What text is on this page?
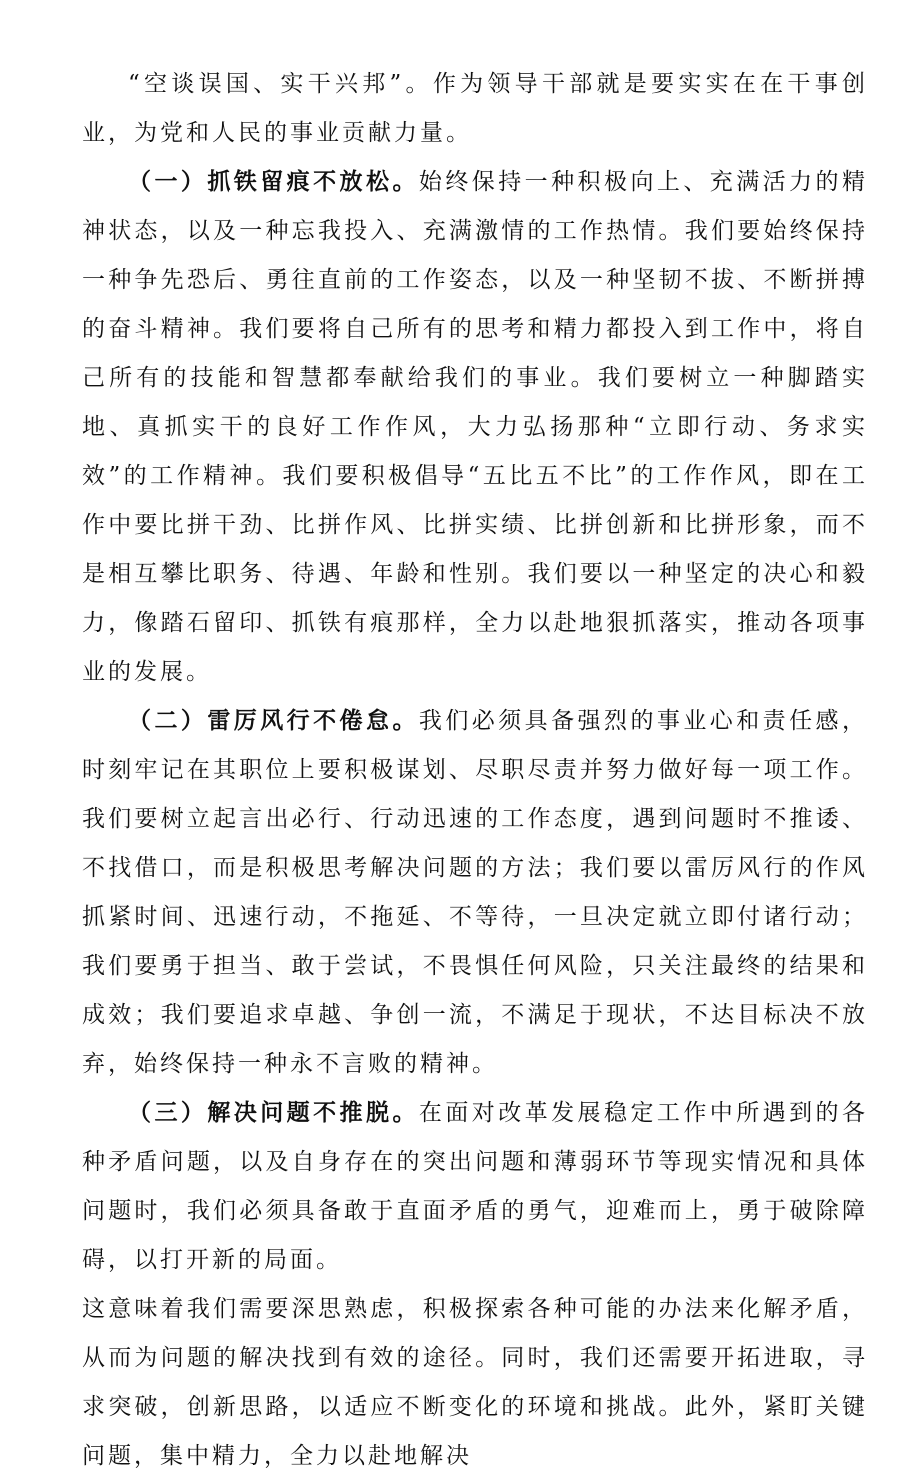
“空谈误国、实干兴邦”。作为领导干部就是要实实在在干事创业，为党和人民的事业贡献力量。

（一）抓铁留痕不放松。始终保持一种积极向上、充满活力的精神状态，以及一种忘我投入、充满激情的工作热情。我们要始终保持一种争先恐后、勇往直前的工作姿态，以及一种坚韧不拔、不断拼搏的奋斗精神。我们要将自己所有的思考和精力都投入到工作中，将自己所有的技能和智慧都奉献给我们的事业。我们要树立一种脚踏实地、真抓实干的良好工作作风，大力弘扬那种“立即行动、务求实效”的工作精神。我们要积极倡导“五比五不比”的工作作风，即在工作中要比拼干劲、比拼作风、比拼实绩、比拼创新和比拼形象，而不是相互攀比职务、待遇、年龄和性别。我们要以一种坚定的决心和毅力，像踏石留印、抓铁有痕那样，全力以赴地狠抓落实，推动各项事业的发展。

（二）雷厉风行不倦怠。我们必须具备强烈的事业心和责任感，时刻牢记在其职位上要积极谋划、尽职尽责并努力做好每一项工作。我们要树立起言出必行、行动迅速的工作态度，遇到问题时不推诿、不找借口，而是积极思考解决问题的方法；我们要以雷厉风行的作风抓紧时间、迅速行动，不拖延、不等待，一旦决定就立即付诸行动；我们要勇于担当、敢于尝试，不畏惧任何风险，只关注最终的结果和成效；我们要追求卓越、争创一流，不满足于现状，不达目标决不放弃，始终保持一种永不言败的精神。

（三）解决问题不推脱。在面对改革发展稳定工作中所遇到的各种矛盾问题，以及自身存在的突出问题和薄弱环节等现实情况和具体问题时，我们必须具备敢于直面矛盾的勇气，迎难而上，勇于破除障碍，以打开新的局面。

这意味着我们需要深思熟虑，积极探索各种可能的办法来化解矛盾，从而为问题的解决找到有效的途径。同时，我们还需要开拓进取，寻求突破，创新思路，以适应不断变化的环境和挑战。此外，紧盯关键问题，集中精力，全力以赴地解决
